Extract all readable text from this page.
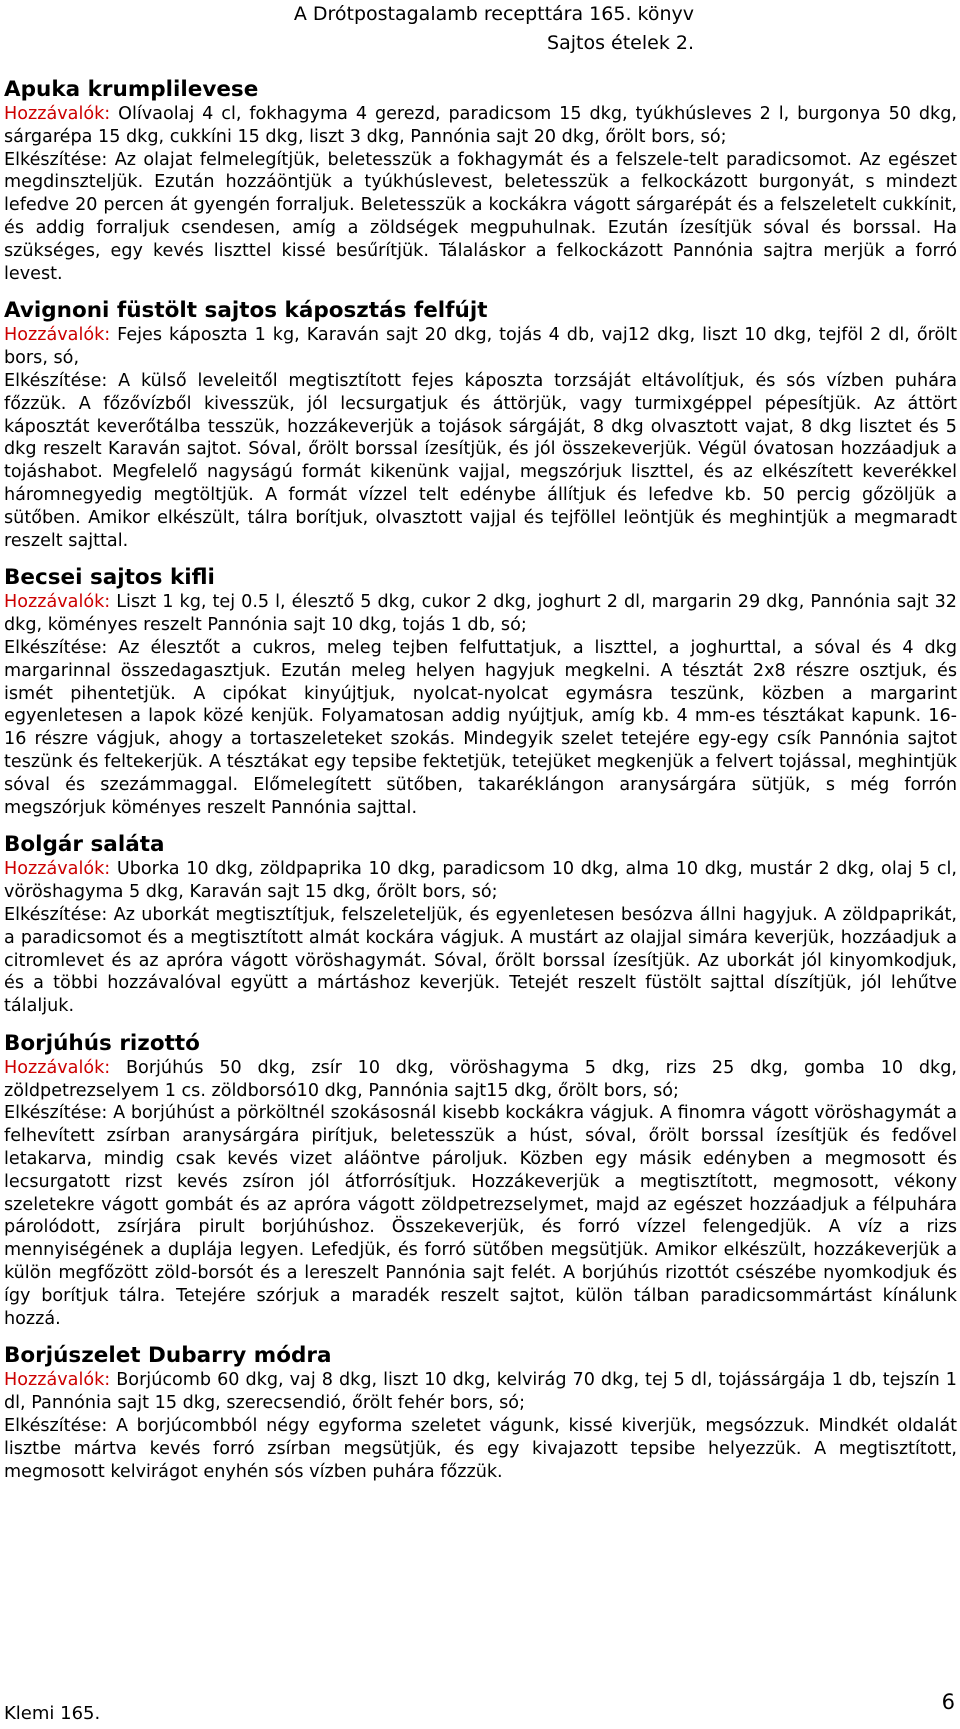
A Drótpostagalamb recepttára 165. könyv
Sajtos ételek 2.
Apuka krumplilevese

Hozzávalók: Olívaolaj 4 cl, fokhagyma 4 gerezd, paradicsom 15 dkg, tyúkhúsleves 2 l, burgonya 50 dkg, sárgarépa 15 dkg, cukkíni 15 dkg, liszt 3 dkg, Pannónia sajt 20 dkg, őrölt bors, só;

Elkészítése: Az olajat felmelegítjük, beletesszük a fokhagymát és a felszele-telt paradicsomot. Az egészet megdinszteljük. Ezután hozzáöntjük a tyúkhúslevest, beletesszük a felkockázott burgonyát, s mindezt lefedve 20 percen át gyengén forraljuk. Beletesszük a kockákra vágott sárgarépát és a felszeletelt cukkínit, és addig forraljuk csendesen, amíg a zöldségek megpuhulnak. Ezután ízesítjük sóval és borssal. Ha szükséges, egy kevés liszttel kissé besűrítjük. Tálaláskor a felkockázott Pannónia sajtra merjük a forró levest.

Avignoni füstölt sajtos káposztás felfújt

Hozzávalók: Fejes káposzta 1 kg, Karaván sajt 20 dkg, tojás 4 db, vaj12 dkg, liszt 10 dkg, tejföl 2 dl, őrölt bors, só,

Elkészítése: A külső leveleitől megtisztított fejes káposzta torzsáját eltávolítjuk, és sós vízben puhára főzzük. A főzővízből kivesszük, jól lecsurgatjuk és áttörjük, vagy turmixgéppel pépesítjük. Az áttört káposztát keverőtálba tesszük, hozzákeverjük a tojások sárgáját, 8 dkg olvasztott vajat, 8 dkg lisztet és 5 dkg reszelt Karaván sajtot. Sóval, őrölt borssal ízesítjük, és jól összekeverjük. Végül óvatosan hozzáadjuk a tojáshabot. Megfelelő nagyságú formát kikenünk vajjal, megszórjuk liszttel, és az elkészített keverékkel háromnegyedig megtöltjük. A formát vízzel telt edénybe állítjuk és lefedve kb. 50 percig gőzöljük a sütőben. Amikor elkészült, tálra borítjuk, olvasztott vajjal és tejföllel leöntjük és meghintjük a megmaradt reszelt sajttal.

Becsei sajtos kifli

Hozzávalók: Liszt 1 kg, tej 0.5 l, élesztő 5 dkg, cukor 2 dkg, joghurt 2 dl, margarin 29 dkg, Pannónia sajt 32 dkg, köményes reszelt Pannónia sajt 10 dkg, tojás 1 db, só;

Elkészítése: Az élesztőt a cukros, meleg tejben felfuttatjuk, a liszttel, a joghurttal, a sóval és 4 dkg margarinnal összedagasztjuk. Ezután meleg helyen hagyjuk megkelni. A tésztát 2x8 részre osztjuk, és ismét pihentetjük. A cipókat kinyújtjuk, nyolcat-nyolcat egymásra teszünk, közben a margarint egyenletesen a lapok közé kenjük. Folyamatosan addig nyújtjuk, amíg kb. 4 mm-es tésztákat kapunk. 16-16 részre vágjuk, ahogy a tortaszeleteket szokás. Mindegyik szelet tetejére egy-egy csík Pannónia sajtot teszünk és feltekerjük. A tésztákat egy tepsibe fektetjük, tetejüket megkenjük a felvert tojással, meghintjük sóval és szezámmaggal. Előmelegített sütőben, takaréklángon aranysárgára sütjük, s még forrón megszórjuk köményes reszelt Pannónia sajttal.

Bolgár saláta

Hozzávalók: Uborka 10 dkg, zöldpaprika 10 dkg, paradicsom 10 dkg, alma 10 dkg, mustár 2 dkg, olaj 5 cl, vöröshagyma 5 dkg, Karaván sajt 15 dkg, őrölt bors, só;

Elkészítése: Az uborkát megtisztítjuk, felszeleteljük, és egyenletesen besózva állni hagyjuk. A zöldpaprikát, a paradicsomot és a megtisztított almát kockára vágjuk. A mustárt az olajjal simára keverjük, hozzáadjuk a citromlevet és az apróra vágott vöröshagymát. Sóval, őrölt borssal ízesítjük. Az uborkát jól kinyomkodjuk, és a többi hozzávalóval együtt a mártáshoz keverjük. Tetejét reszelt füstölt sajttal díszítjük, jól lehűtve tálaljuk.

Borjúhús rizottó

Hozzávalók: Borjúhús 50 dkg, zsír 10 dkg, vöröshagyma 5 dkg, rizs 25 dkg, gomba 10 dkg, zöldpetrezselyem 1 cs. zöldborsó10 dkg, Pannónia sajt15 dkg, őrölt bors, só;

Elkészítése: A borjúhúst a pörköltnél szokásosnál kisebb kockákra vágjuk. A finomra vágott vöröshagymát a felhevített zsírban aranysárgára pirítjuk, beletesszük a húst, sóval, őrölt borssal ízesítjük és fedővel letakarva, mindig csak kevés vizet aláöntve pároljuk. Közben egy másik edényben a megmosott és lecsurgatott rizst kevés zsíron jól átforrósítjuk. Hozzákeverjük a megtisztított, megmosott, vékony szeletekre vágott gombát és az apróra vágott zöldpetrezselymet, majd az egészet hozzáadjuk a félpuhára párolódott, zsírjára pirult borjúhúshoz. Összekeverjük, és forró vízzel felengedjük. A víz a rizs mennyiségének a duplája legyen. Lefedjük, és forró sütőben megsütjük. Amikor elkészült, hozzákeverjük a külön megfőzött zöld-borsót és a lereszelt Pannónia sajt felét. A borjúhús rizottót csészébe nyomkodjuk és így borítjuk tálra. Tetejére szórjuk a maradék reszelt sajtot, külön tálban paradicsommártást kínálunk hozzá.

Borjúszelet Dubarry módra

Hozzávalók: Borjúcomb 60 dkg, vaj 8 dkg, liszt 10 dkg, kelvirág 70 dkg, tej 5 dl, tojássárgája 1 db, tejszín 1 dl, Pannónia sajt 15 dkg, szerecsendió, őrölt fehér bors, só;

Elkészítése: A borjúcombból négy egyforma szeletet vágunk, kissé kiverjük, megsózzuk. Mindkét oldalát lisztbe mártva kevés forró zsírban megsütjük, és egy kivajazott tepsibe helyezzük. A megtisztított, megmosott kelvirágot enyhén sós vízben puhára főzzük.

Klemi 165.	6
